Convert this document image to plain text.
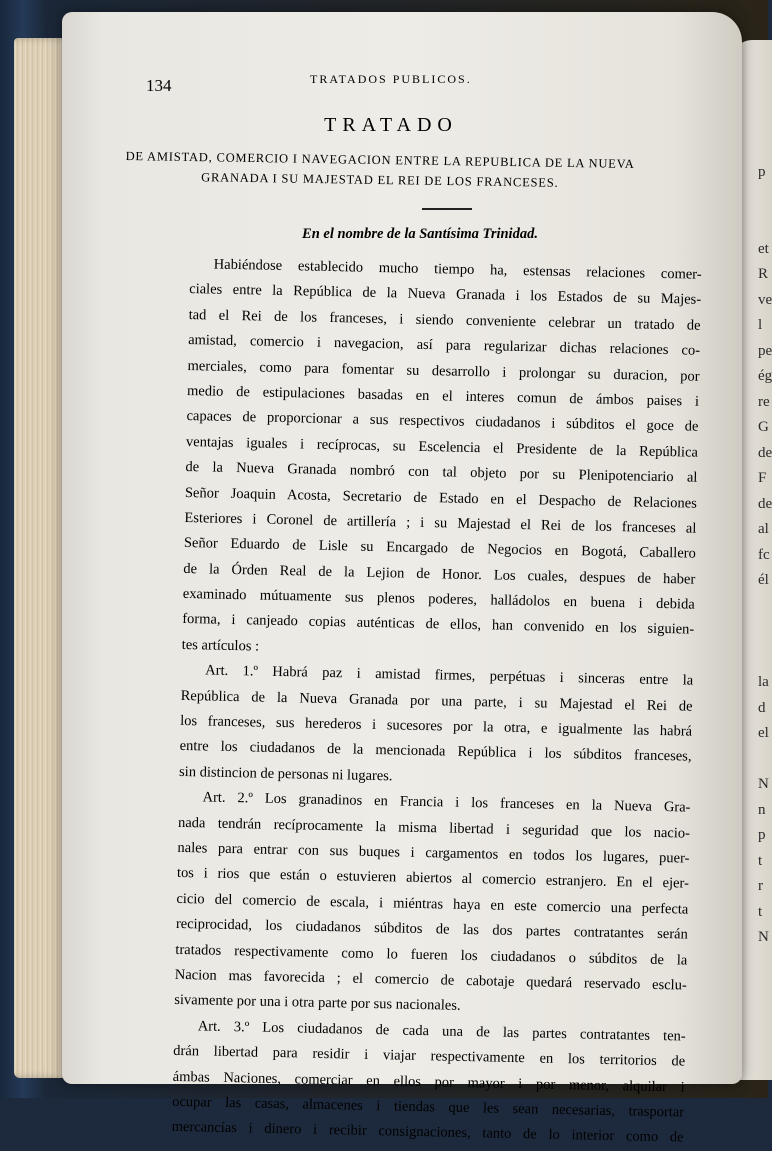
p

et
R
ve
l
pe
ég
re
G
de
F
de
al
fc
él

la
d
el

N
n
p
t
r
t
N
134	TRATADOS PUBLICOS.
TRATADO
DE AMISTAD, COMERCIO I NAVEGACION ENTRE LA REPUBLICA DE LA NUEVA
GRANADA I SU MAJESTAD EL REI DE LOS FRANCESES.
En el nombre de la Santísima Trinidad.
Habiéndose establecido mucho tiempo ha, estensas relaciones comer-
ciales entre la República de la Nueva Granada i los Estados de su Majes-
tad el Rei de los franceses, i siendo conveniente celebrar un tratado de
amistad, comercio i navegacion, así para regularizar dichas relaciones co-
merciales, como para fomentar su desarrollo i prolongar su duracion, por
medio de estipulaciones basadas en el interes comun de ámbos paises i
capaces de proporcionar a sus respectivos ciudadanos i súbditos el goce de
ventajas iguales i recíprocas, su Escelencia el Presidente de la República
de la Nueva Granada nombró con tal objeto por su Plenipotenciario al
Señor Joaquin Acosta, Secretario de Estado en el Despacho de Relaciones
Esteriores i Coronel de artillería ; i su Majestad el Rei de los franceses al
Señor Eduardo de Lisle su Encargado de Negocios en Bogotá, Caballero
de la Órden Real de la Lejion de Honor. Los cuales, despues de haber
examinado mútuamente sus plenos poderes, halládolos en buena i debida
forma, i canjeado copias auténticas de ellos, han convenido en los siguien-
tes artículos :
Art. 1.º Habrá paz i amistad firmes, perpétuas i sinceras entre la
República de la Nueva Granada por una parte, i su Majestad el Rei de
los franceses, sus herederos i sucesores por la otra, e igualmente las habrá
entre los ciudadanos de la mencionada República i los súbditos franceses,
sin distincion de personas ni lugares.
Art. 2.º Los granadinos en Francia i los franceses en la Nueva Gra-
nada tendrán recíprocamente la misma libertad i seguridad que los nacio-
nales para entrar con sus buques i cargamentos en todos los lugares, puer-
tos i rios que están o estuvieren abiertos al comercio estranjero. En el ejer-
cicio del comercio de escala, i miéntras haya en este comercio una perfecta
reciprocidad, los ciudadanos súbditos de las dos partes contratantes serán
tratados respectivamente como lo fueren los ciudadanos o súbditos de la
Nacion mas favorecida ; el comercio de cabotaje quedará reservado esclu-
sivamente por una i otra parte por sus nacionales.
Art. 3.º Los ciudadanos de cada una de las partes contratantes ten-
drán libertad para residir i viajar respectivamente en los territorios de
ámbas Naciones, comerciar en ellos por mayor i por menor, alquilar i
ocupar las casas, almacenes i tiendas que les sean necesarias, trasportar
mercancías i dinero i recibir consignaciones, tanto de lo interior como de
